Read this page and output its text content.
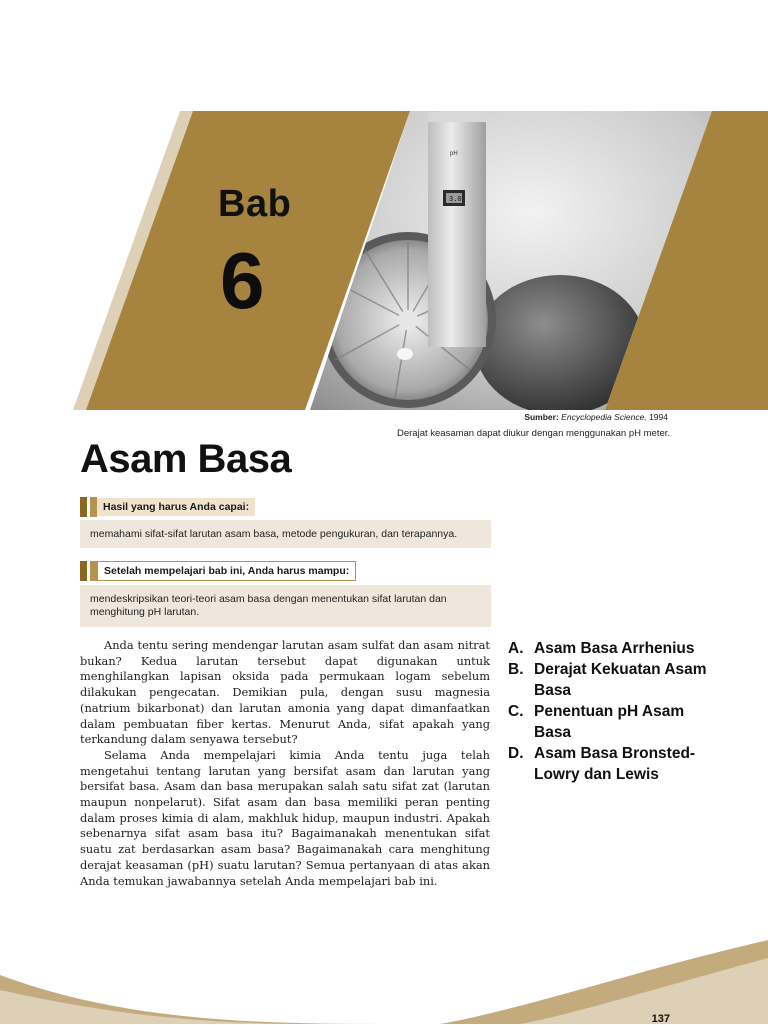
pH
3.0
Bab
6
Sumber: Encyclopedia Science, 1994
Derajat keasaman dapat diukur dengan menggunakan pH meter.
Asam Basa
Hasil yang harus Anda capai:
memahami sifat-sifat larutan asam basa, metode pengukuran, dan terapannya.
Setelah mempelajari bab ini, Anda harus mampu:
mendeskripsikan teori-teori asam basa dengan menentukan sifat larutan dan menghitung pH larutan.

Anda tentu sering mendengar larutan asam sulfat dan asam nitrat bukan? Kedua larutan tersebut dapat digunakan untuk menghilangkan lapisan oksida pada permukaan logam sebelum dilakukan pengecatan. Demikian pula, dengan susu magnesia (natrium bikarbonat) dan larutan amonia yang dapat dimanfaatkan dalam pembuatan fiber kertas. Menurut Anda, sifat apakah yang terkandung dalam senyawa tersebut?

Selama Anda mempelajari kimia Anda tentu juga telah mengetahui tentang larutan yang bersifat asam dan larutan yang bersifat basa. Asam dan basa merupakan salah satu sifat zat (larutan maupun nonpelarut). Sifat asam dan basa memiliki peran penting dalam proses kimia di alam, makhluk hidup, maupun industri. Apakah sebenarnya sifat asam basa itu? Bagaimanakah menentukan sifat suatu zat berdasarkan asam basa? Bagaimanakah cara menghitung derajat keasaman (pH) suatu larutan? Semua pertanyaan di atas akan Anda temukan jawabannya setelah Anda mempelajari bab ini.

A. Asam Basa Arrhenius
B. Derajat Kekuatan Asam Basa
C. Penentuan pH Asam Basa
D. Asam Basa Bronsted-Lowry dan Lewis
137
